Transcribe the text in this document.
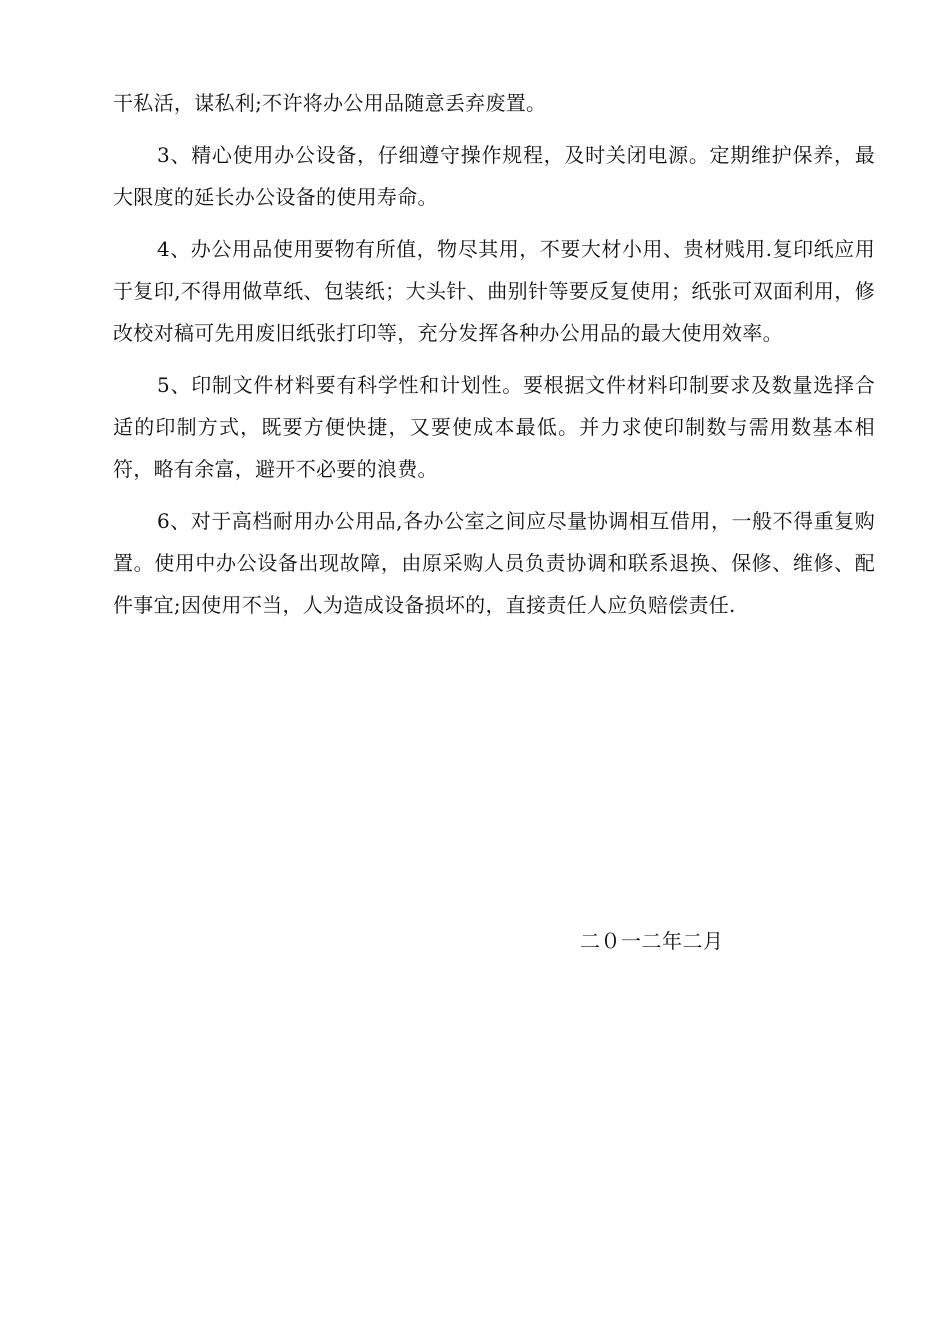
干私活，谋私利;不许将办公用品随意丢弃废置。

3、精心使用办公设备，仔细遵守操作规程，及时关闭电源。定期维护保养，最大限度的延长办公设备的使用寿命。

4、办公用品使用要物有所值，物尽其用，不要大材小用、贵材贱用.复印纸应用于复印,不得用做草纸、包装纸；大头针、曲别针等要反复使用；纸张可双面利用，修改校对稿可先用废旧纸张打印等，充分发挥各种办公用品的最大使用效率。

5、印制文件材料要有科学性和计划性。要根据文件材料印制要求及数量选择合适的印制方式，既要方便快捷，又要使成本最低。并力求使印制数与需用数基本相符，略有余富，避开不必要的浪费。

6、对于高档耐用办公用品,各办公室之间应尽量协调相互借用，一般不得重复购置。使用中办公设备出现故障，由原采购人员负责协调和联系退换、保修、维修、配件事宜;因使用不当，人为造成设备损坏的，直接责任人应负赔偿责任.

二０一二年二月
